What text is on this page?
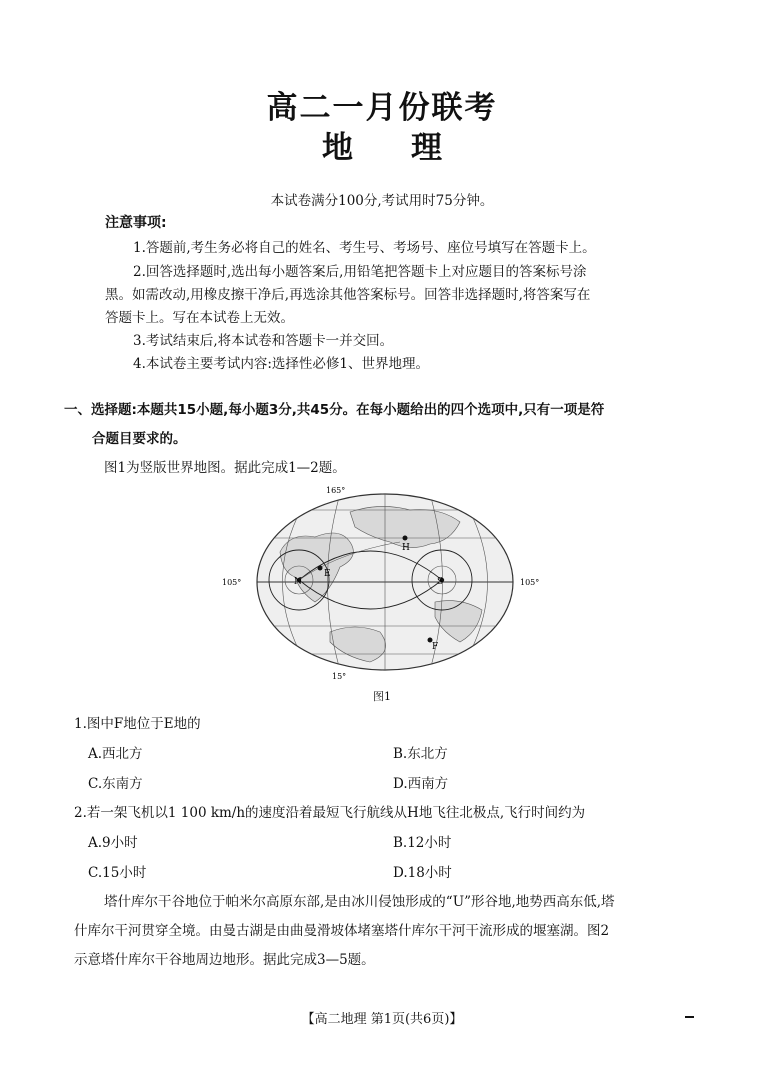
高二一月份联考
地理
本试卷满分100分,考试用时75分钟。
注意事项:
1.答题前,考生务必将自己的姓名、考生号、考场号、座位号填写在答题卡上。
2.回答选择题时,选出每小题答案后,用铅笔把答题卡上对应题目的答案标号涂
黑。如需改动,用橡皮擦干净后,再选涂其他答案标号。回答非选择题时,将答案写在
答题卡上。写在本试卷上无效。
3.考试结束后,将本试卷和答题卡一并交回。
4.本试卷主要考试内容:选择性必修1、世界地理。
一、选择题:本题共15小题,每小题3分,共45分。在每小题给出的四个选项中,只有一项是符
合题目要求的。
图1为竖版世界地图。据此完成1—2题。
E
F
H
N	S
165°
15°
105°	105°
图1
1.图中F地位于E地的
A.西北方	B.东北方
C.东南方	D.西南方
2.若一架飞机以1 100 km/h的速度沿着最短飞行航线从H地飞往北极点,飞行时间约为
A.9小时	B.12小时
C.15小时	D.18小时
塔什库尔干谷地位于帕米尔高原东部,是由冰川侵蚀形成的“U”形谷地,地势西高东低,塔
什库尔干河贯穿全境。由曼古湖是由曲曼滑坡体堵塞塔什库尔干河干流形成的堰塞湖。图2
示意塔什库尔干谷地周边地形。据此完成3—5题。
【高二地理 第1页(共6页)】
